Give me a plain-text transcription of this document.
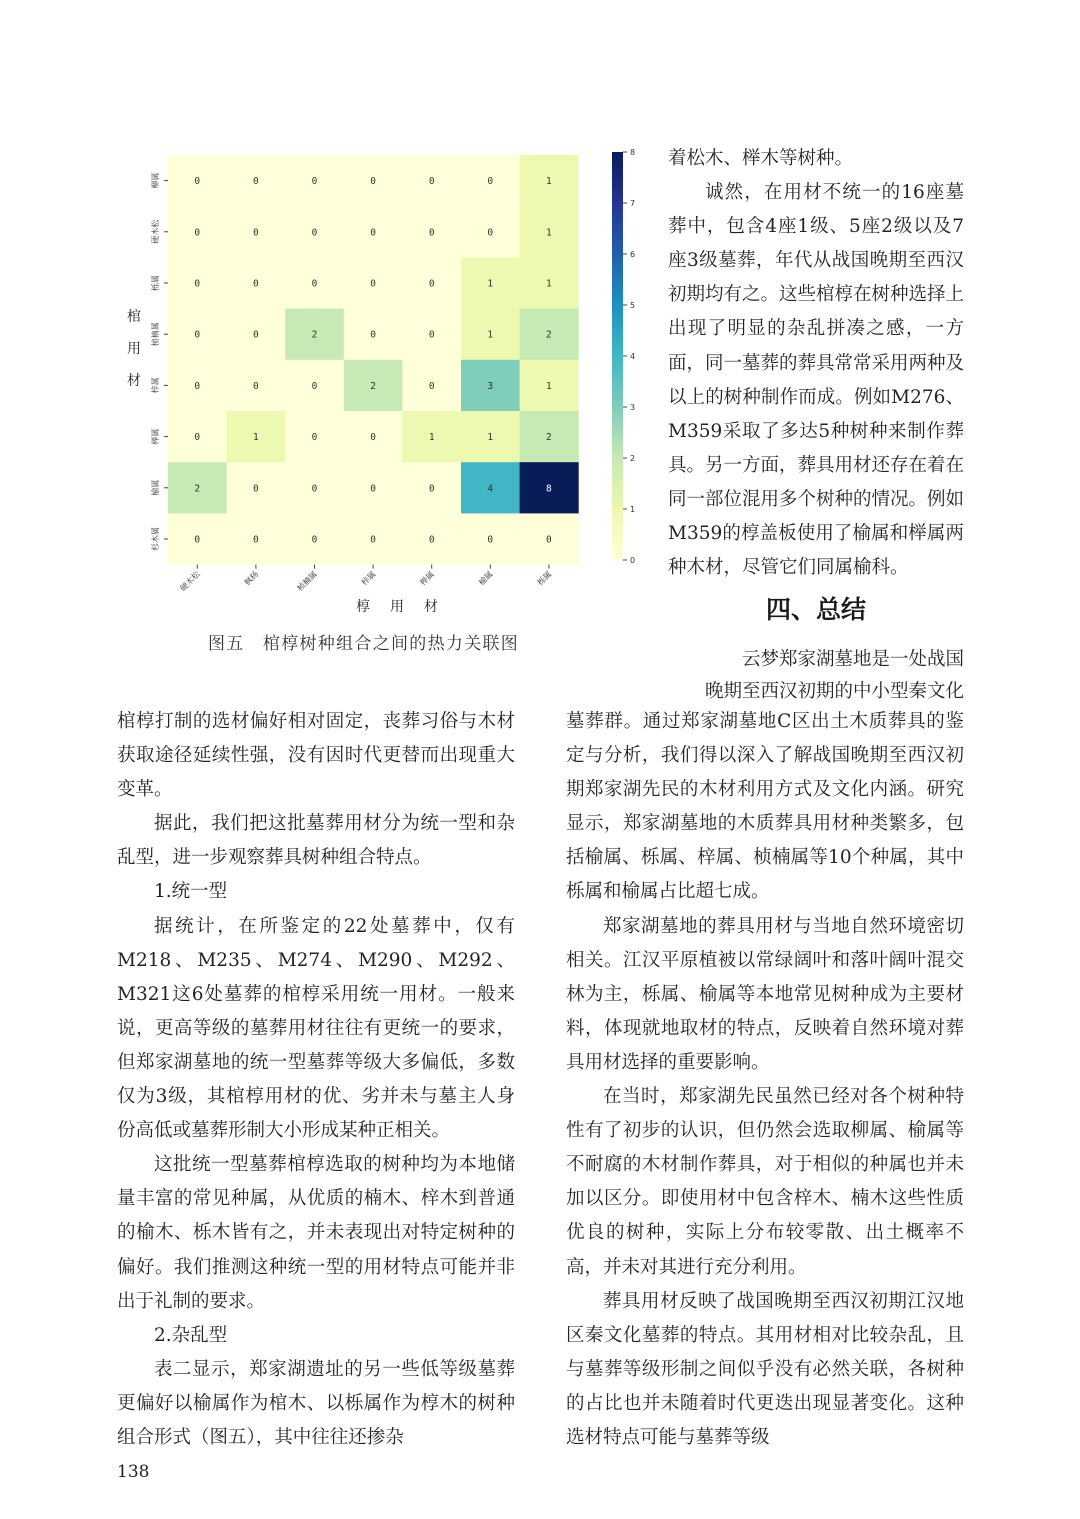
0	0	0	0	0	0	1
0	0	0	0	0	0	1
0	0	0	0	0	1	1
0	0	2	0	0	1	2
0	0	0	2	0	3	1
0	1	0	0	1	1	2
2	0	0	0	0	4	8
0	0	0	0	0	0	0
柳属
硬木松
栎属
桢楠属
梓属
榉属
榆属
杉木属
硬木松	枫杨	桢楠属	梓属	榉属	榆属	栎属
8
7
6
5
4
3
2
1
0
棺
用
材
椁用材
图五　棺椁树种组合之间的热力关联图

棺椁打制的选材偏好相对固定，丧葬习俗与木材获取途径延续性强，没有因时代更替而出现重大变革。

据此，我们把这批墓葬用材分为统一型和杂乱型，进一步观察葬具树种组合特点。

1.统一型

据统计，在所鉴定的22处墓葬中，仅有M218、M235、M274、M290、M292、M321这6处墓葬的棺椁采用统一用材。一般来说，更高等级的墓葬用材往往有更统一的要求，但郑家湖墓地的统一型墓葬等级大多偏低，多数仅为3级，其棺椁用材的优、劣并未与墓主人身份高低或墓葬形制大小形成某种正相关。

这批统一型墓葬棺椁选取的树种均为本地储量丰富的常见种属，从优质的楠木、梓木到普通的榆木、栎木皆有之，并未表现出对特定树种的偏好。我们推测这种统一型的用材特点可能并非出于礼制的要求。

2.杂乱型

表二显示，郑家湖遗址的另一些低等级墓葬更偏好以榆属作为棺木、以栎属作为椁木的树种组合形式（图五），其中往往还掺杂

着松木、榉木等树种。

诚然，在用材不统一的16座墓葬中，包含4座1级、5座2级以及7座3级墓葬，年代从战国晚期至西汉初期均有之。这些棺椁在树种选择上出现了明显的杂乱拼凑之感，一方面，同一墓葬的葬具常常采用两种及以上的树种制作而成。例如M276、M359采取了多达5种树种来制作葬具。另一方面，葬具用材还存在着在同一部位混用多个树种的情况。例如M359的椁盖板使用了榆属和榉属两种木材，尽管它们同属榆科。

四、总结
云梦郑家湖墓地是一处战国
晚期至西汉初期的中小型秦文化

墓葬群。通过郑家湖墓地C区出土木质葬具的鉴定与分析，我们得以深入了解战国晚期至西汉初期郑家湖先民的木材利用方式及文化内涵。研究显示，郑家湖墓地的木质葬具用材种类繁多，包括榆属、栎属、梓属、桢楠属等10个种属，其中栎属和榆属占比超七成。

郑家湖墓地的葬具用材与当地自然环境密切相关。江汉平原植被以常绿阔叶和落叶阔叶混交林为主，栎属、榆属等本地常见树种成为主要材料，体现就地取材的特点，反映着自然环境对葬具用材选择的重要影响。

在当时，郑家湖先民虽然已经对各个树种特性有了初步的认识，但仍然会选取柳属、榆属等不耐腐的木材制作葬具，对于相似的种属也并未加以区分。即使用材中包含梓木、楠木这些性质优良的树种，实际上分布较零散、出土概率不高，并未对其进行充分利用。

葬具用材反映了战国晚期至西汉初期江汉地区秦文化墓葬的特点。其用材相对比较杂乱，且与墓葬等级形制之间似乎没有必然关联，各树种的占比也并未随着时代更迭出现显著变化。这种选材特点可能与墓葬等级

138
